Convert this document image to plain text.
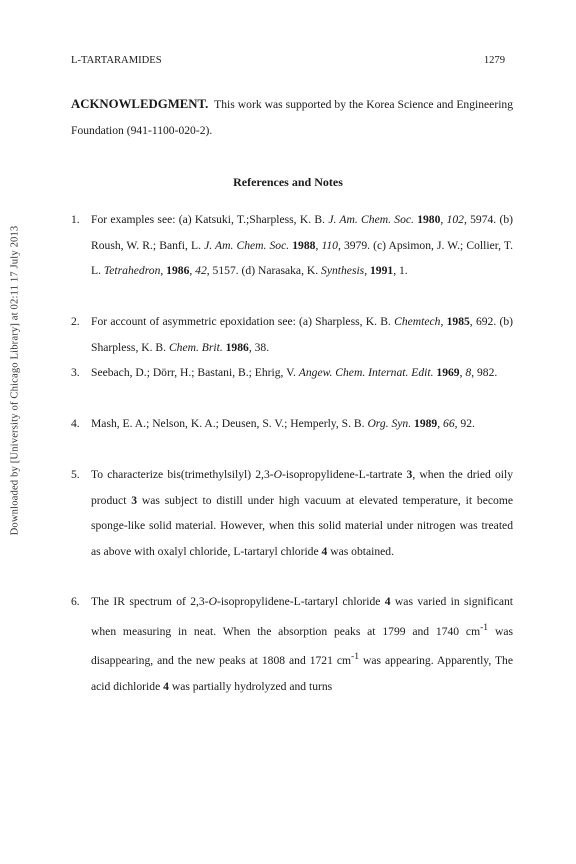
Downloaded by [University of Chicago Library] at 02:11 17 July 2013
L-TARTARAMIDES	1279
ACKNOWLEDGMENT. This work was supported by the Korea Science and Engineering Foundation (941-1100-020-2).
References and Notes
1. For examples see: (a) Katsuki, T.;Sharpless, K. B. J. Am. Chem. Soc. 1980, 102, 5974. (b) Roush, W. R.; Banfi, L. J. Am. Chem. Soc. 1988, 110, 3979. (c) Apsimon, J. W.; Collier, T. L. Tetrahedron, 1986, 42, 5157. (d) Narasaka, K. Synthesis, 1991, 1.
2. For account of asymmetric epoxidation see: (a) Sharpless, K. B. Chemtech, 1985, 692. (b) Sharpless, K. B. Chem. Brit. 1986, 38.
3. Seebach, D.; Dörr, H.; Bastani, B.; Ehrig, V. Angew. Chem. Internat. Edit. 1969, 8, 982.
4. Mash, E. A.; Nelson, K. A.; Deusen, S. V.; Hemperly, S. B. Org. Syn. 1989, 66, 92.
5. To characterize bis(trimethylsilyl) 2,3-O-isopropylidene-L-tartrate 3, when the dried oily product 3 was subject to distill under high vacuum at elevated temperature, it become sponge-like solid material. However, when this solid material under nitrogen was treated as above with oxalyl chloride, L-tartaryl chloride 4 was obtained.
6. The IR spectrum of 2,3-O-isopropylidene-L-tartaryl chloride 4 was varied in significant when measuring in neat. When the absorption peaks at 1799 and 1740 $cm^{-1}$ was disappearing, and the new peaks at 1808 and 1721 $cm^{-1}$ was appearing. Apparently, The acid dichloride 4 was partially hydrolyzed and turns
